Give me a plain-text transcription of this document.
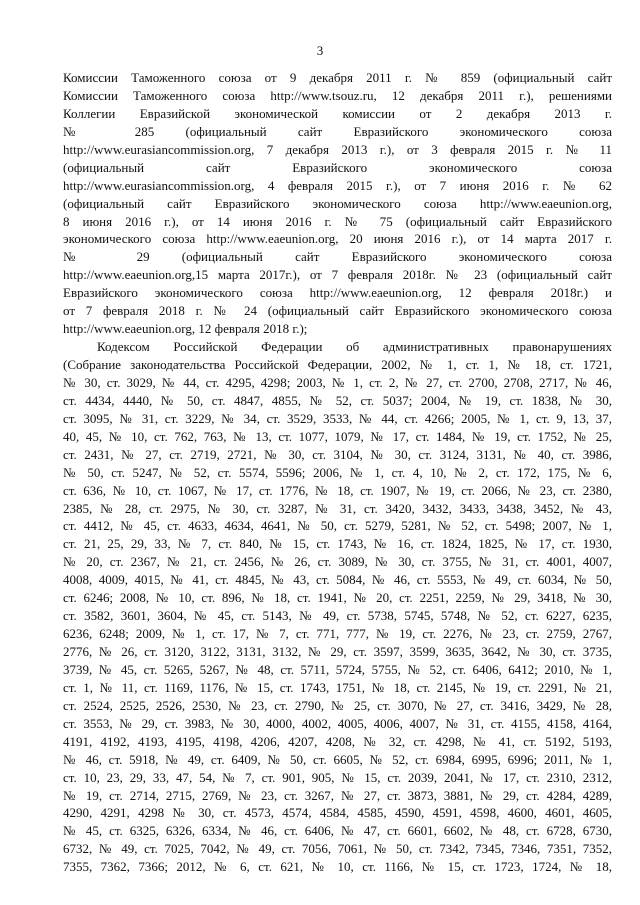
3
Комиссии Таможенного союза от 9 декабря 2011 г. № 859 (официальный сайт
Комиссии Таможенного союза http://www.tsouz.ru, 12 декабря 2011 г.), решениями
Коллегии Евразийской экономической комиссии от 2 декабря 2013 г.
№ 285 (официальный сайт Евразийского экономического союза
http://www.eurasiancommission.org, 7 декабря 2013 г.), от 3 февраля 2015 г. № 11
(официальный сайт Евразийского экономического союза
http://www.eurasiancommission.org, 4 февраля 2015 г.), от 7 июня 2016 г. № 62
(официальный сайт Евразийского экономического союза http://www.eaeunion.org,
8 июня 2016 г.), от 14 июня 2016 г. № 75 (официальный сайт Евразийского
экономического союза http://www.eaeunion.org, 20 июня 2016 г.), от 14 марта 2017 г.
№ 29 (официальный сайт Евразийского экономического союза
http://www.eaeunion.org,15 марта 2017г.), от 7 февраля 2018г. № 23 (официальный сайт
Евразийского экономического союза http://www.eaeunion.org, 12 февраля 2018г.) и
от 7 февраля 2018 г. № 24 (официальный сайт Евразийского экономического союза
http://www.eaeunion.org, 12 февраля 2018 г.);
Кодексом Российской Федерации об административных правонарушениях
(Собрание законодательства Российской Федерации, 2002, № 1, ст. 1, № 18, ст. 1721,
№ 30, ст. 3029, № 44, ст. 4295, 4298; 2003, № 1, ст. 2, № 27, ст. 2700, 2708, 2717, № 46,
ст. 4434, 4440, № 50, ст. 4847, 4855, № 52, ст. 5037; 2004, № 19, ст. 1838, № 30,
ст. 3095, № 31, ст. 3229, № 34, ст. 3529, 3533, № 44, ст. 4266; 2005, № 1, ст. 9, 13, 37,
40, 45, № 10, ст. 762, 763, № 13, ст. 1077, 1079, № 17, ст. 1484, № 19, ст. 1752, № 25,
ст. 2431, № 27, ст. 2719, 2721, № 30, ст. 3104, № 30, ст. 3124, 3131, № 40, ст. 3986,
№ 50, ст. 5247, № 52, ст. 5574, 5596; 2006, № 1, ст. 4, 10, № 2, ст. 172, 175, № 6,
ст. 636, № 10, ст. 1067, № 17, ст. 1776, № 18, ст. 1907, № 19, ст. 2066, № 23, ст. 2380,
2385, № 28, ст. 2975, № 30, ст. 3287, № 31, ст. 3420, 3432, 3433, 3438, 3452, № 43,
ст. 4412, № 45, ст. 4633, 4634, 4641, № 50, ст. 5279, 5281, № 52, ст. 5498; 2007, № 1,
ст. 21, 25, 29, 33, № 7, ст. 840, № 15, ст. 1743, № 16, ст. 1824, 1825, № 17, ст. 1930,
№ 20, ст. 2367, № 21, ст. 2456, № 26, ст. 3089, № 30, ст. 3755, № 31, ст. 4001, 4007,
4008, 4009, 4015, № 41, ст. 4845, № 43, ст. 5084, № 46, ст. 5553, № 49, ст. 6034, № 50,
ст. 6246; 2008, № 10, ст. 896, № 18, ст. 1941, № 20, ст. 2251, 2259, № 29, 3418, № 30,
ст. 3582, 3601, 3604, № 45, ст. 5143, № 49, ст. 5738, 5745, 5748, № 52, ст. 6227, 6235,
6236, 6248; 2009, № 1, ст. 17, № 7, ст. 771, 777, № 19, ст. 2276, № 23, ст. 2759, 2767,
2776, № 26, ст. 3120, 3122, 3131, 3132, № 29, ст. 3597, 3599, 3635, 3642, № 30, ст. 3735,
3739, № 45, ст. 5265, 5267, № 48, ст. 5711, 5724, 5755, № 52, ст. 6406, 6412; 2010, № 1,
ст. 1, № 11, ст. 1169, 1176, № 15, ст. 1743, 1751, № 18, ст. 2145, № 19, ст. 2291, № 21,
ст. 2524, 2525, 2526, 2530, № 23, ст. 2790, № 25, ст. 3070, № 27, ст. 3416, 3429, № 28,
ст. 3553, № 29, ст. 3983, № 30, 4000, 4002, 4005, 4006, 4007, № 31, ст. 4155, 4158, 4164,
4191, 4192, 4193, 4195, 4198, 4206, 4207, 4208, № 32, ст. 4298, № 41, ст. 5192, 5193,
№ 46, ст. 5918, № 49, ст. 6409, № 50, ст. 6605, № 52, ст. 6984, 6995, 6996; 2011, № 1,
ст. 10, 23, 29, 33, 47, 54, № 7, ст. 901, 905, № 15, ст. 2039, 2041, № 17, ст. 2310, 2312,
№ 19, ст. 2714, 2715, 2769, № 23, ст. 3267, № 27, ст. 3873, 3881, № 29, ст. 4284, 4289,
4290, 4291, 4298 № 30, ст. 4573, 4574, 4584, 4585, 4590, 4591, 4598, 4600, 4601, 4605,
№ 45, ст. 6325, 6326, 6334, № 46, ст. 6406, № 47, ст. 6601, 6602, № 48, ст. 6728, 6730,
6732, № 49, ст. 7025, 7042, № 49, ст. 7056, 7061, № 50, ст. 7342, 7345, 7346, 7351, 7352,
7355, 7362, 7366; 2012, № 6, ст. 621, № 10, ст. 1166, № 15, ст. 1723, 1724, № 18,
